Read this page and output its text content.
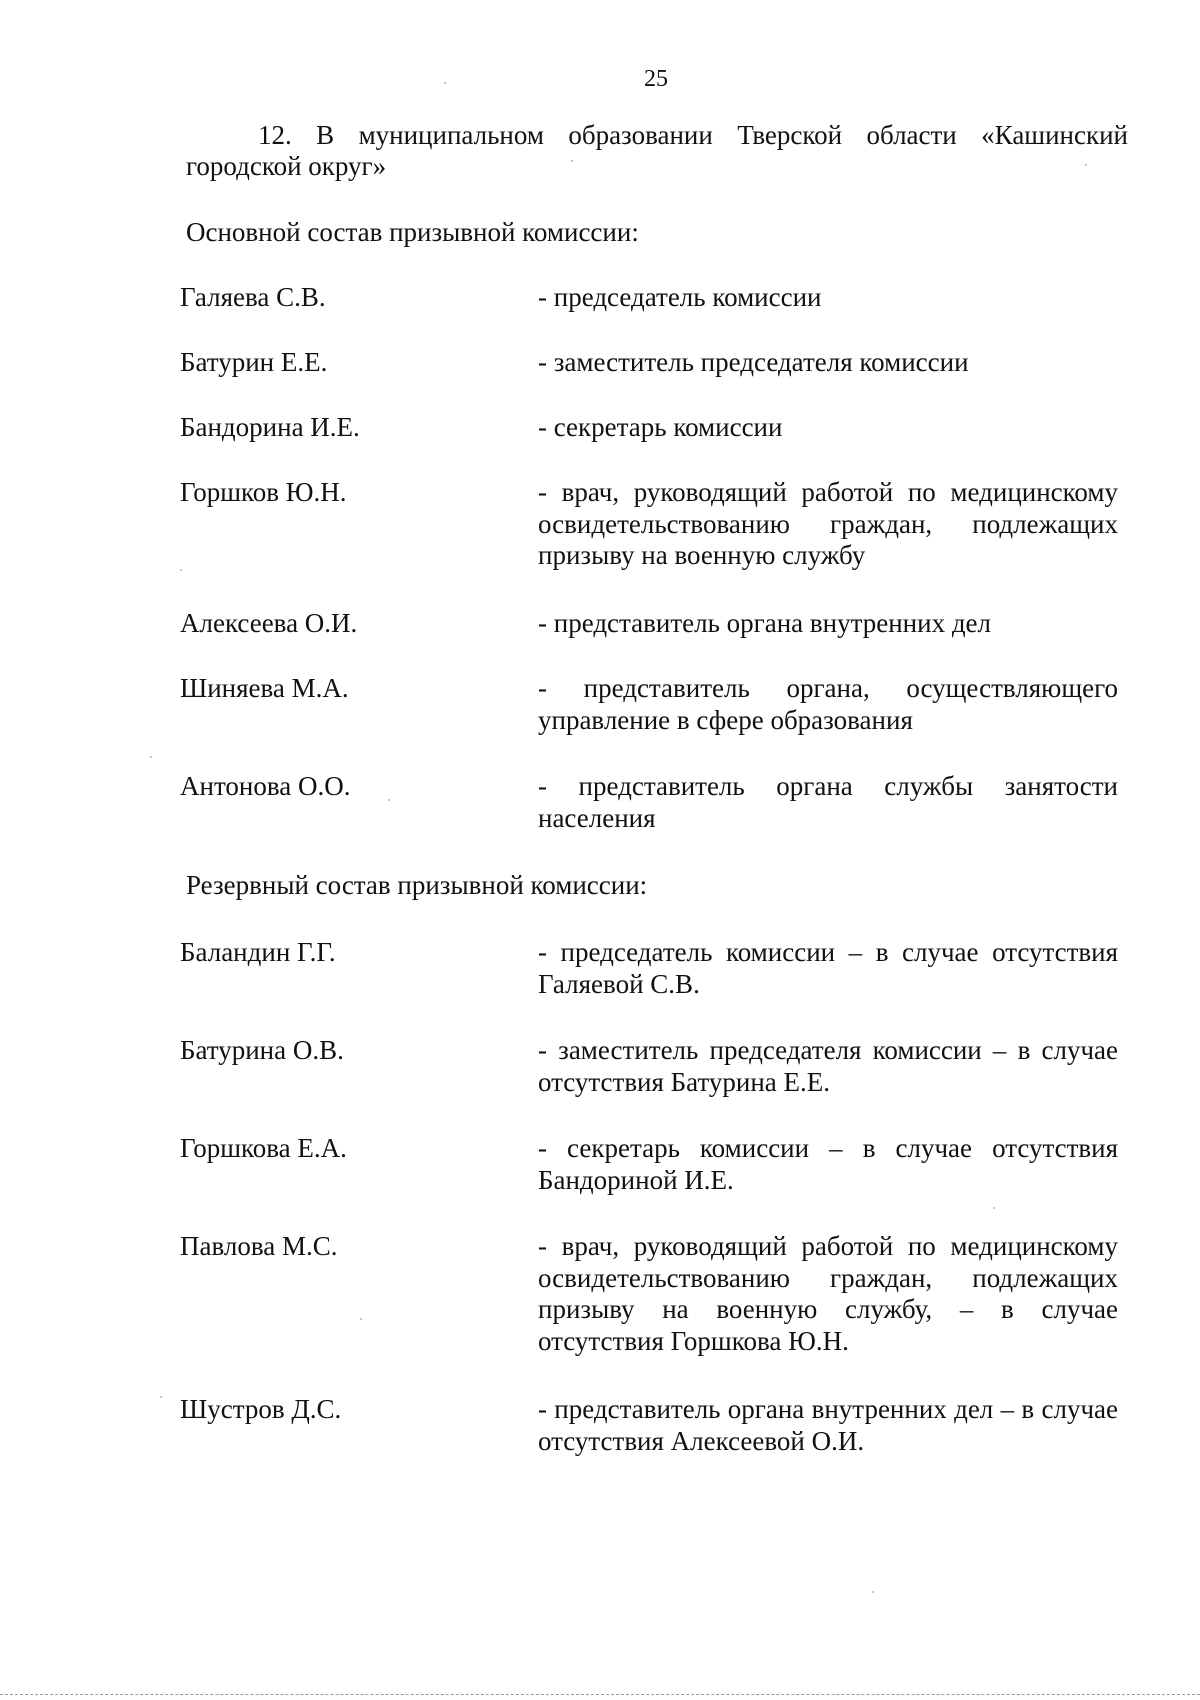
25

12. В муниципальном образовании Тверской области «Кашинский городской округ»

Основной состав призывной комиссии:

Галяева С.В.	- председатель комиссии
Батурин Е.Е.	- заместитель председателя комиссии
Бандорина И.Е.	- секретарь комиссии
Горшков Ю.Н.	- врач, руководящий работой по медицинскому освидетельствованию граждан, подлежащих призыву на военную службу
Алексеева О.И.	- представитель органа внутренних дел
Шиняева М.А.	- представитель органа, осуществляющего управление в сфере образования
Антонова О.О.	- представитель органа службы занятости населения

Резервный состав призывной комиссии:

Баландин Г.Г.	- председатель комиссии – в случае отсутствия Галяевой С.В.
Батурина О.В.	- заместитель председателя комиссии – в случае отсутствия Батурина Е.Е.
Горшкова Е.А.	- секретарь комиссии – в случае отсутствия Бандориной И.Е.
Павлова М.С.	- врач, руководящий работой по медицинскому освидетельствованию граждан, подлежащих призыву на военную службу, – в случае отсутствия Горшкова Ю.Н.
Шустров Д.С.	- представитель органа внутренних дел – в случае отсутствия Алексеевой О.И.
